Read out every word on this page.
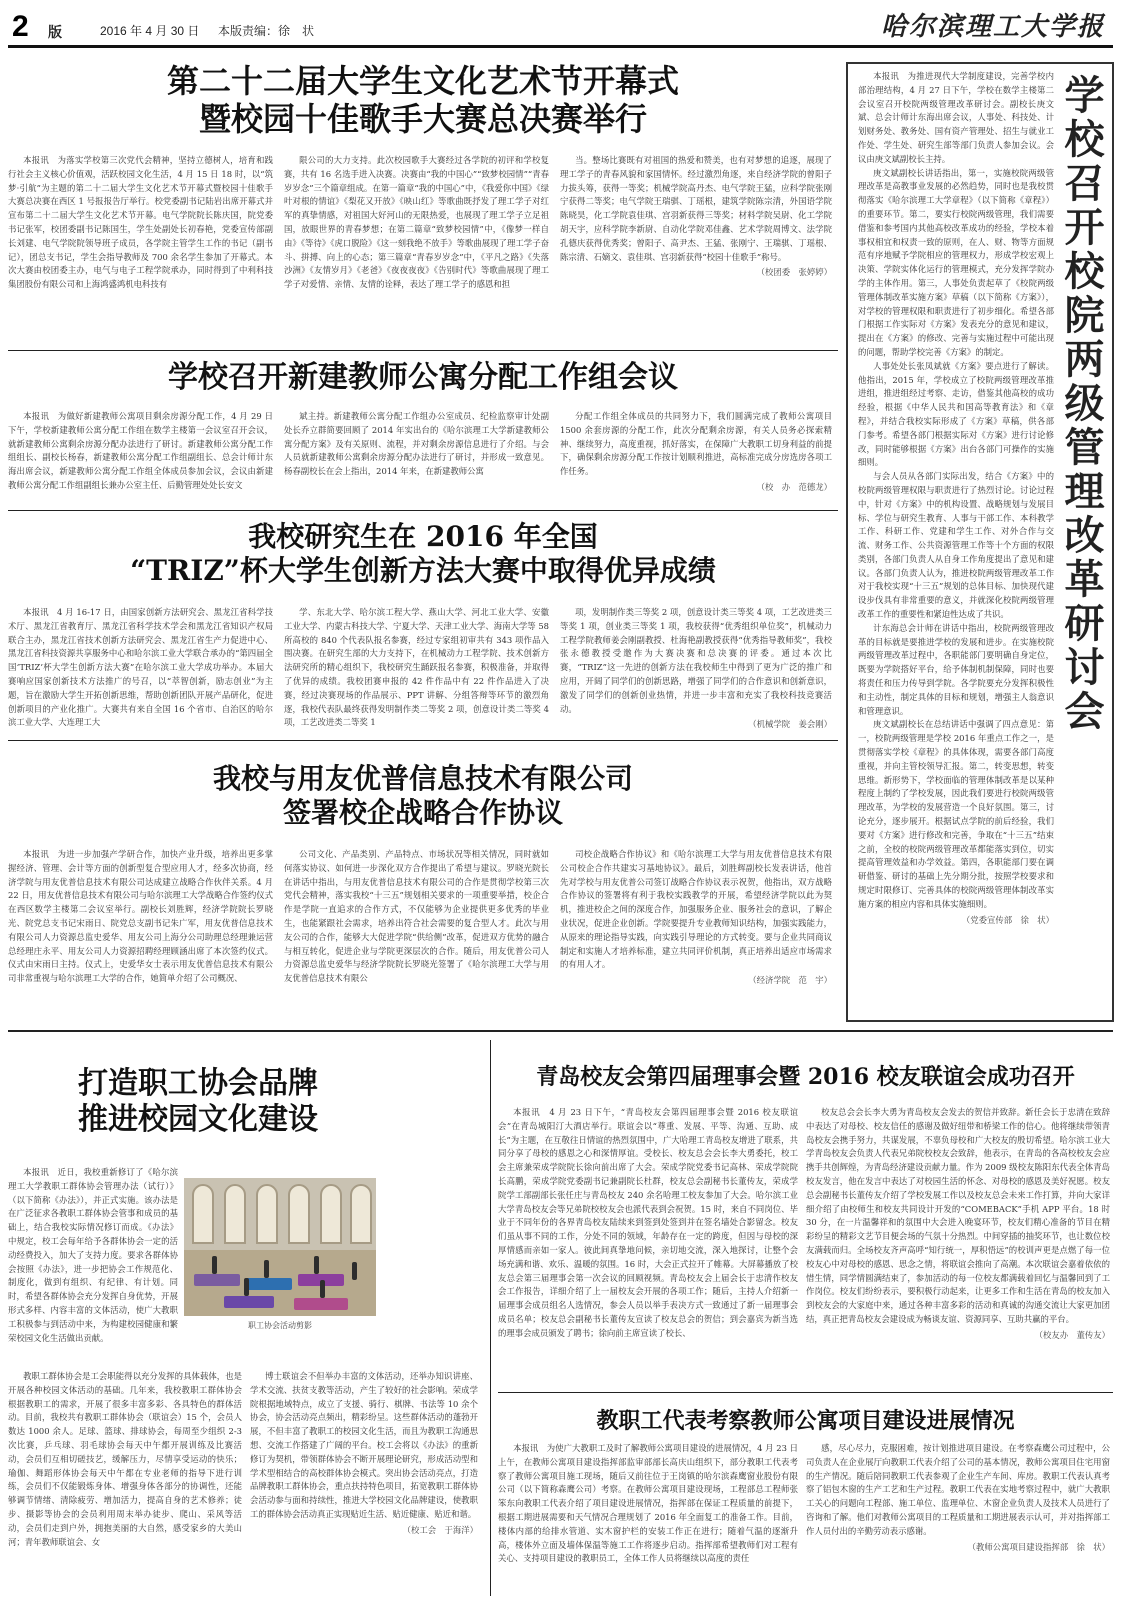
2 版	2016 年 4 月 30 日 本版责编：徐　状	哈尔滨理工大学报
第二十二届大学生文化艺术节开幕式
暨校园十佳歌手大赛总决赛举行

本报讯　为落实学校第三次党代会精神，坚持立德树人，培育和践行社会主义核心价值观，活跃校园文化生活，4 月 15 日 18 时，以“筑梦·引航”为主题的第二十二届大学生文化艺术节开幕式暨校园十佳歌手大赛总决赛在西区 1 号报报告厅举行。校党委副书记陆岩出席开幕式并宣布第二十二届大学生文化艺术节开幕。电气学院院长陈庆国，院党委书记张军，校团委副书记陈国生，学生处副处长初春艳，党委宣传部副长刘建、电气学院院领导班子成员，各学院主管学生工作的书记（副书记），团总支书记，学生会指导教师及 700 余名学生参加了开幕式。本次大赛由校团委主办，电气与电子工程学院承办，同时得到了中利科技集团股份有限公司和上海鸿盛鸿机电科技有

限公司的大力支持。此次校园歌手大赛经过各学院的初评和学校复赛，共有 16 名选手进入决赛。决赛由“我的中国心”“致梦校园情”“青春岁岁念”三个篇章组成。在第一篇章“我的中国心”中，《我爱你中国》《绿叶对根的情谊》《梨花又开放》《映山红》等歌曲既抒发了理工学子对红军的真挚情感，对祖国大好河山的无限热爱，也展现了理工学子立足祖国，放眼世界的青春梦想；在第二篇章“致梦校园情”中，《像梦一样自由》《等待》《虎口脱险》《这一刻我绝不放手》等歌曲展现了理工学子奋斗、拼搏、向上的心态；第三篇章“青春岁岁念”中，《平凡之路》《失落沙洲》《友情岁月》《老爸》《夜夜夜夜》《告别时代》等歌曲展现了理工学子对爱情、亲情、友情的诠释，表达了理工学子的感恩和担

当。整场比赛既有对祖国的热爱和赞美，也有对梦想的追逐，展现了理工学子的青春风貌和家国情怀。经过激烈角逐，来自经济学院的曾阳子力拔头筹，获得一等奖；机械学院高丹杰、电气学院王猛，应科学院张刚宁获得二等奖；电气学院王瑞骐、丁瑶根，建筑学院陈宗清，外国语学院陈晓昊，化工学院袁佳琪、宫羽新获得三等奖；材料学院吴尉、化工学院胡天宇，应科学院李新尉、自动化学院邓佳鑫、艺术学院周博文、法学院孔德庆获得优秀奖；曾阳子、高尹杰、王猛、张刚宁、王瑞骐、丁瑶根、陈宗清、石嫡文、袁佳琪、宫羽新获得“校园十佳歌手”称号。

（校团委　张婷婷）

学校召开新建教师公寓分配工作组会议

本报讯　为做好新建教师公寓项目剩余房源分配工作，4 月 29 日下午，学校新建教师公寓分配工作组在数学主楼第一会议室召开会议，就新建教师公寓剩余房源分配办法进行了研讨。新建教师公寓分配工作组组长、副校长杨春，新建教师公寓分配工作组副组长、总会计师计东海出席会议，新建教师公寓分配工作组全体成员参加会议，会议由新建教师公寓分配工作组副组长兼办公室主任、后勤管理处处长安文

斌主持。新建教师公寓分配工作组办公室成员、纪检监察审计处副处长乔立群简要回顾了 2014 年实出台的《哈尔滨理工大学新建教师公寓分配方案》及有关原则、流程，并对剩余房源信息进行了介绍。与会人员就新建教师公寓剩余房源分配办法进行了研讨，并形成一致意见。杨春副校长在会上指出，2014 年来，在新建教师公寓

分配工作组全体成员的共同努力下，我们圆满完成了教师公寓项目 1500 余套房源的分配工作，此次分配剩余房源，有关人员务必探索精神、继续努力，高度重视，抓好落实，在保障广大教职工切身利益的前提下，确保剩余房源分配工作按计划顺利推进，高标准完成分房选房各项工作任务。

（校　办　范德龙）

我校研究生在 2016 年全国
“TRIZ”杯大学生创新方法大赛中取得优异成绩

本报讯　4 月 16-17 日，由国家创新方法研究会、黑龙江省科学技术厅、黑龙江省教育厅、黑龙江省科学技术学会和黑龙江省知识产权局联合主办，黑龙江省技术创新方法研究会、黑龙江省生产力促进中心、黑龙江省科技资源共享服务中心和哈尔滨工业大学联合承办的“第四届全国‘TRIZ’杯大学生创新方法大赛”在哈尔滨工业大学成功举办。本届大赛响应国家创新技术方法推广的号召，以“萃智创新，励志创业”为主题，旨在激励大学生开拓创新思维，帮助创新团队开展产品研化，促进创新项目的产业化推广。大赛共有来自全国 16 个省市、自治区的哈尔滨工业大学、大连理工大

学、东北大学、哈尔滨工程大学、燕山大学、河北工业大学、安徽工业大学、内蒙古科技大学、宁夏大学、天津工业大学、海南大学等 58 所高校的 840 个代表队报名参赛，经过专家组初审共有 343 项作品入围决赛。在研究生部的大力支持下，在机械动力工程学院、技术创新方法研究所的精心组织下，我校研究生踊跃报名参赛，积极准备，并取得了优异的成绩。我校团赛申报的 42 件作品中有 22 件作品进入了决赛，经过决赛现场的作品展示、PPT 讲解、分组答辩等环节的激烈角逐，我校代表队最终获得发明制作类二等奖 2 项，创意设计类二等奖 4 项，工艺改进类二等奖 1

项，发明制作类三等奖 2 项，创意设计类三等奖 4 项，工艺改进类三等奖 1 项，创业类三等奖 1 项，我校获得“优秀组织单位奖”，机械动力工程学院教师姜会刚副教授、杜海艳副教授获得“优秀指导教师奖”，我校张永德教授受邀作为大赛决赛和总决赛的评委。通过本次比赛，“TRIZ”这一先进的创新方法在我校师生中得到了更为广泛的推广和应用，开阔了同学们的创新思路，增强了同学们的合作意识和创新意识，激发了同学们的创新创业热情，并进一步丰富和充实了我校科技竞赛活动。

（机械学院　姜会刚）

我校与用友优普信息技术有限公司
签署校企战略合作协议

本报讯　为进一步加强产学研合作，加快产业升级，培养出更多掌握经济、管理、会计等方面的创新型复合型应用人才，经多次协商，经济学院与用友优普信息技术有限公司达成建立战略合作伙伴关系。4 月 22 日，用友优普信息技术有限公司与哈尔滨理工大学战略合作签约仪式在西区数学主楼第二会议室举行。副校长刘胜辉，经济学院院长罗晓光、院党总支书记宋雨日、院党总支副书记朱广军，用友优普信息技术有限公司人力资源总监史爱华、用友公司上海分公司助理总经理兼运营总经理庄永平、用友公司人力资源招聘经理顾涵出席了本次签约仪式。仪式由宋雨日主持。仪式上，史爱华女士表示用友优普信息技术有限公司非常重视与哈尔滨理工大学的合作，她简单介绍了公司概况、

公司文化、产品类别、产品特点、市场状况等相关情况，同时就如何落实协议、如何进一步深化双方合作提出了希望与建议。罗晓光院长在讲话中指出，与用友优普信息技术有限公司的合作是贯彻学校第三次党代会精神，落实我校“十三五”规划相关要求的一项重要举措，校企合作是学院一直追求的合作方式，不仅能够为企业提供更多优秀的毕业生，也能紧跟社会需求，培养出符合社会需要的复合型人才。此次与用友公司的合作，能够大大促进学院“供给侧”改革，促进双方优势的融合与相互转化，促进企业与学院更深层次的合作。随后，用友优普公司人力资源总监史爱华与经济学院院长罗晓光签署了《哈尔滨理工大学与用友优普信息技术有限公

司校企战略合作协议》和《哈尔滨理工大学与用友优普信息技术有限公司校企合作共建实习基地协议》。最后，刘胜辉副校长发表讲话，他首先对学校与用友优普公司签订战略合作协议表示祝贺，他指出，双方战略合作协议的签署将有利于我校实践教学的开展，希望经济学院以此为契机，推进校企之间的深度合作，加强服务企业、服务社会的意识，了解企业状况，促进企业创新。学院要提升专业教师知识结构，加强实践能力，从原来的理论指导实践，向实践引导理论的方式转变。要与企业共同商议制定和实施人才培养标准，建立共同评价机制，真正培养出适应市场需求的有用人才。

（经济学院　范　宇）

学校召开校院两级管理改革研讨会

本报讯　为推进现代大学制度建设，完善学校内部治理结构，4 月 27 日下午，学校在数学主楼第二会议室召开校院两级管理改革研讨会。副校长庚文斌、总会计师计东海出席会议，人事处、科技处、计划财务处、教务处、国有资产管理处、招生与就业工作处、学生处、研究生部等部门负责人参加会议。会议由庚文斌副校长主持。

庚文斌副校长讲话指出，第一，实施校院两级管理改革是高教事业发展的必然趋势，同时也是我校贯彻落实《哈尔滨理工大学章程》（以下简称《章程》）的重要环节。第二，要实行校院两级管理，我们需要借鉴和参考国内其他高校改革成功的经验，学校本着事权相宜和权责一致的原则，在人、财、物等方面规范有序地赋予学院相应的管理权力，形成学校宏观上决策、学院实体化运行的管理模式，充分发挥学院办学的主体作用。第三，人事处负责起草了《校院两级管理体制改革实施方案》草稿（以下简称《方案》），对学校的管理权限和职责进行了初步细化。希望各部门根据工作实际对《方案》发表充分的意见和建议，提出在《方案》的修改、完善与实施过程中可能出现的问题，帮助学校完善《方案》的制定。

人事处处长张凤斌就《方案》要点进行了解读。他指出，2015 年，学校成立了校院两级管理改革推进组，推进组经过考察、走访，借鉴其他高校的成功经验，根据《中华人民共和国高等教育法》和《章程》，并结合我校实际形成了《方案》草稿，供各部门参考。希望各部门根据实际对《方案》进行讨论修改，同时能够根据《方案》出台各部门可操作的实施细则。

与会人员从各部门实际出发，结合《方案》中的校院两级管理权限与职责进行了热烈讨论。讨论过程中，针对《方案》中的机构设置、战略规划与发展目标、学位与研究生教育、人事与干部工作、本科教学工作、科研工作、党建和学生工作、对外合作与交流、财务工作、公共资源管理工作等十个方面的权限类别，各部门负责人从自身工作角度提出了意见和建议。各部门负责人认为，推进校院两级管理改革工作对于我校实现“十三五”规划的总体目标、加快现代建设步伐具有非常重要的意义，并就深化校院两级管理改革工作的重要性和紧迫性达成了共识。

计东海总会计师在讲话中指出，校院两级管理改革的目标就是要推进学校的发展和进步。在实施校院两级管理改革过程中，各职能部门要明确自身定位，既要为学院搭好平台，给予体制机制保障，同时也要将责任和压力传导到学院。各学院要充分发挥积极性和主动性，制定具体的目标和规划，增强主人翁意识和管理意识。

庚文斌副校长在总结讲话中强调了四点意见：第一，校院两级管理是学校 2016 年重点工作之一，是贯彻落实学校《章程》的具体体现，需要各部门高度重视，并向主管校领导汇报。第二，转变思想，转变思维。新形势下，学校面临的管理体制改革是以某种程度上制约了学校发展，因此我们要进行校院两级管理改革，为学校的发展营造一个良好氛围。第三，讨论充分，逐步展开。根据试点学院的前后经验，我们要对《方案》进行修改和完善，争取在“十三五”结束之前，全校的校院两级管理改革都能落实到位，切实提高管理效益和办学效益。第四，各职能部门要在调研借鉴、研讨的基础上先分期分批，按照学校要求和规定时限修订、完善具体的校院两级管理体制改革实施方案的相应内容和具体实施细则。

（党委宣传部　徐　状）

打造职工协会品牌
推进校园文化建设

本报讯　近日，我校重新修订了《哈尔滨理工大学教职工群体协会管理办法（试行）》（以下简称《办法》），并正式实施。该办法是在广泛征求各教职工群体协会管事和成员的基础上，结合我校实际情况修订而成。《办法》中规定，校工会每年给予各群体协会一定的活动经费投入，加大了支持力度。要求各群体协会按照《办法》，进一步把协会工作规范化、制度化，做到有组织、有纪律、有计划。同时，希望各群体协会充分发挥自身优势，开展形式多样、内容丰富的文体活动，使广大教职工积极参与到活动中来，为构建校园健康和繁荣校园文化生活做出贡献。

教职工群体协会是工会职能得以充分发挥的具体载体，也是开展各种校园文体活动的基础。几年来，我校教职工群体协会根据教职工的需求，开展了很多丰富多彩、各具特色的群体活动。目前，我校共有教职工群体协会（联谊会）15 个，会员人数达 1000 余人。足球、篮球、排球协会，每周至少组织 2-3 次比赛，乒乓球、羽毛球协会每天中午都开展训练及比赛活动，会员们互相切磋技艺，缓解压力，尽情享受运动的快乐；瑜伽、舞蹈形体协会每天中午都在专业老师的指导下进行训练，会员们不仅能锻炼身体、增强身体各部分的协调性，还能够调节情绪、清除疲劳、增加活力，提高自身的艺术修养；徒步、摄影等协会的会员利用周末举办徒步、爬山、采风等活动，会员们走到户外，拥抱美丽的大自然，感受家乡的大美山河；青年教师联谊会、女

博士联谊会不但举办丰富的文体活动，还举办知识讲座、学术交流、扶贫支教等活动，产生了较好的社会影响。荣成学院根据地域特点，成立了支援、骑行、棋牌、书法等 10 余个协会，协会活动亮点频出，精彩纷呈。这些群体活动的蓬勃开展，不但丰富了教职工的校园文化生活，而且为教职工沟通思想、交流工作搭建了广阔的平台。校工会将以《办法》的重新修订为契机，带领群体协会不断开展理论研究，形成活动型和学术型相结合的高校群体协会模式。突出协会活动亮点，打造品牌教职工群体协会，重点扶持特色项目，拓宽教职工群体协会活动参与面和持续性，推进大学校园文化品牌建设，使教职工的群体协会活动真正实现贴近生活、贴近健康、贴近和谐。

（校工会　于海洋）

职工协会活动剪影
青岛校友会第四届理事会暨 2016 校友联谊会成功召开

本报讯　4 月 23 日下午，“青岛校友会第四届理事会暨 2016 校友联谊会”在青岛城阳汀大酒店举行。联谊会以“尊重、发展、平等、沟通、互助、成长”为主题，在互敬往日情谊的热烈氛围中，广大哈理工青岛校友增进了联系，共同分享了母校的感恩之心和深情厚谊。受校长、校友总会会长李大勇委托，校工会主席兼荣成学院院长徐向前出席了大会。荣成学院党委书记高林、荣成学院院长高鹏，荣成学院党委副书记兼副院长杜群，校友总会副秘书长董传友，荣成学院学工部副部长张任庄与青岛校友 240 余名哈理工校友参加了大会。哈尔滨工业大学青岛校友会等兄弟院校校友会也派代表到会祝贺。15 时，来自不同岗位、毕业于不同年份的各界青岛校友陆续来到签到处签到并在签名墙处合影留念。校友们虽从事不同的工作，分处不同的领域，年龄存在一定的跨度，但因与母校的深厚情感而亲如一家人。彼此间真挚地问候，亲切地交流，深入地探讨，让整个会场充满和谐、欢乐、温暖的氛围。16 时，大会正式拉开了帷幕。大屏幕播放了校友总会第三届理事会第一次会议的回顾视频。青岛校友会上届会长于忠清作校友会工作报告，详细介绍了上一届校友会开展的各项工作；随后，主持人介绍新一届理事会成员组名人选情况，参会人员以举手表决方式一致通过了新一届理事会成员名单；校友总会副秘书长董传友宣读了校友总会的贺信；到会嘉宾为新当选的理事会成员颁发了聘书；徐向前主席宣读了校长、

校友总会会长李大勇为青岛校友会发去的贺信并致辞。新任会长于忠清在致辞中表达了对母校、校友信任的感谢及做好纽带和桥梁工作的信心。他将继续带领青岛校友会携手努力，共谋发展，不辜负母校和广大校友的殷切希望。哈尔滨工业大学青岛校友会负责人代表兄弟院校校友会致辞，他表示，在青岛的各高校校友会应携手共创辉煌，为青岛经济建设贡献力量。作为 2009 级校友陈阳东代表全体青岛校友发言，他在发言中表达了对校园生活的怀念、对母校的感恩及美好祝愿。校友总会副秘书长董传友介绍了学校发展工作以及校友总会未来工作打算，并向大家详细介绍了由校师生和校友共同设计开发的“COMEBACK”手机 APP 平台。18 时 30 分，在一片温馨祥和的氛围中大会进入晚宴环节，校友们精心准备的节目在精彩纷呈的精彩文艺节目便会场的气氛十分热烈。中间穿插的抽奖环节，也让数位校友满载而归。全场校友齐声高呼“知行统一，厚积悟远”的校训声更是点燃了每一位校友心中对母校的感恩、思念之情，将联谊会推向了高潮。本次联谊会嘉着依依的惜生情，同学情圆满结束了，参加活动的每一位校友都满载着回忆与温馨回到了工作岗位。校友们纷纷表示，要积极行动起来，让更多工作和生活在青岛的校友加入到校友会的大家庭中来，通过各种丰富多彩的活动和真诚的沟通交流让大家更加团结，真正把青岛校友会建设成为畅谈友谊、资源同享、互助共赢的平台。

（校友办　董传友）

教职工代表考察教师公寓项目建设进展情况

本报讯　为使广大教职工及时了解教师公寓项目建设的进展情况，4 月 23 日上午，在教师公寓项目建设指挥部监审部部长高庆山组织下，部分教职工代表考察了教师公寓项目施工现场，随后又前往位于王岗镇的哈尔滨森鹰窗业股份有限公司（以下简称森鹰公司）考察。在教师公寓项目建设现场，工程部总工程师张笨东向教职工代表介绍了项目建设进展情况，指挥部在保证工程质量的前提下，根据工期进展需要和天气情况合理规划了 2016 年全面复工的准备工作。目前，楼体内部的给排水管道、实木窗护栏的安装工作正在进行；随着气温的逐渐升高，楼体外立面及墙体保温等施工工作将逐步启动。指挥部希望教师们对工程有关心、支持项目建设的教职员工，全体工作人员将继续以高度的责任

感，尽心尽力，克服困难，按计划推进项目建设。在考察森鹰公司过程中，公司负责人在企业展厅向教职工代表介绍了公司的基本情况，教师公寓项目住宅用窗的生产情况。随后陪同教职工代表参观了企业生产车间、库房。教职工代表认真考察了铝包木窗的生产工艺和生产过程。教职工代表在实地考察过程中，就广大教职工关心的问题向工程部、施工单位、监理单位、木窗企业负责人及技术人员进行了咨询和了解。他们对教师公寓项目的工程质量和工期进展表示认可，并对指挥部工作人员付出的辛勤劳动表示感谢。

（教师公寓项目建设指挥部　徐　状）
